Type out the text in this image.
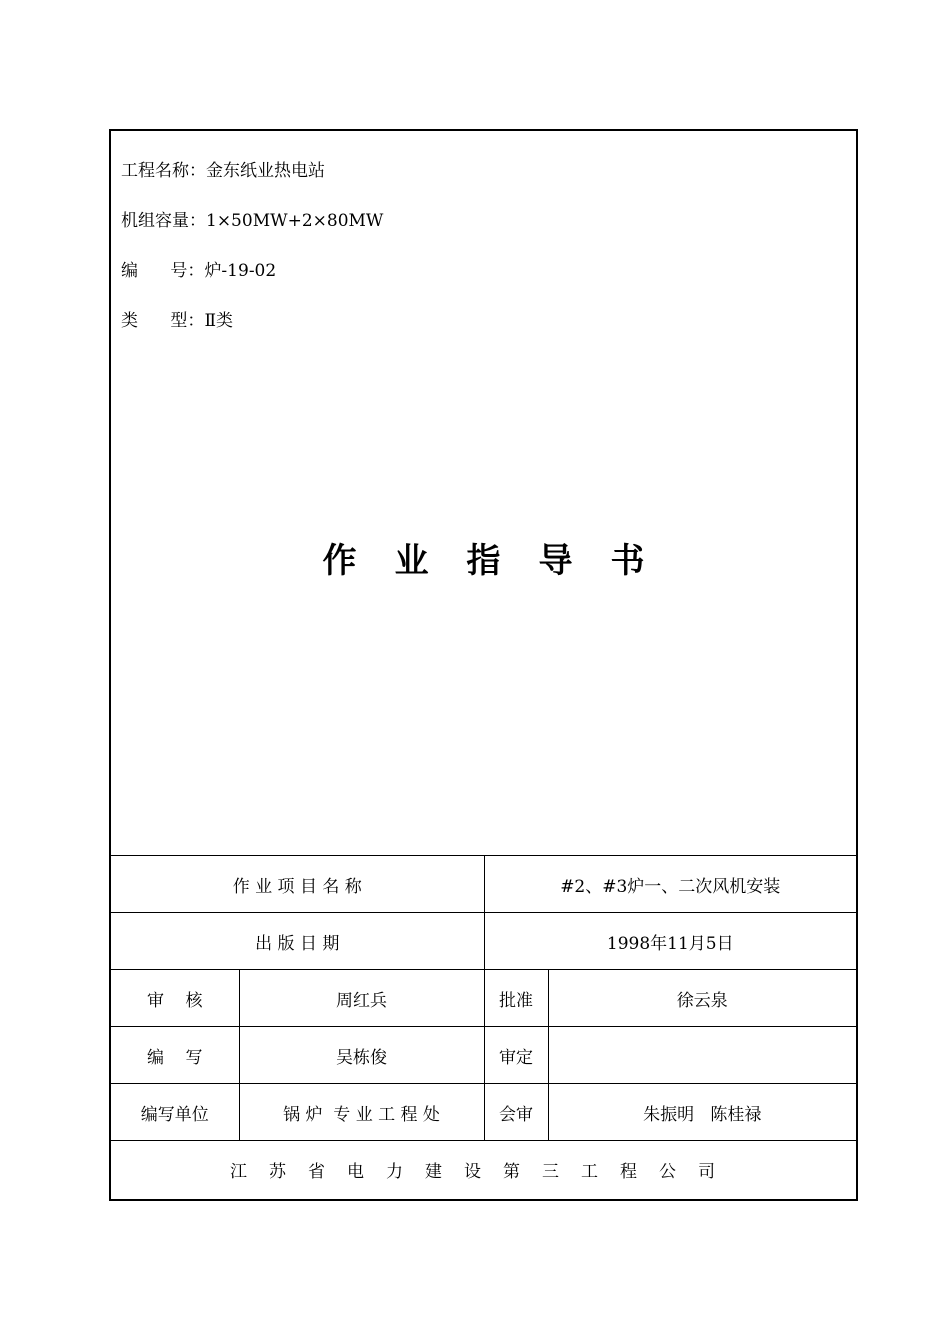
工程名称：金东纸业热电站
机组容量：1×50MW+2×80MW
编      号：炉-19-02
类      型：Ⅱ类
作业指导书
作 业 项 目 名 称		#2、#3炉一、二次风机安装	
出 版 日 期		1998年11月5日	
审    核	周红兵	批准	徐云泉
编    写	吴栋俊	审定	
编写单位	锅 炉  专 业 工 程 处	会审	朱振明   陈桂禄
江苏省电力建设第三工程公司			
